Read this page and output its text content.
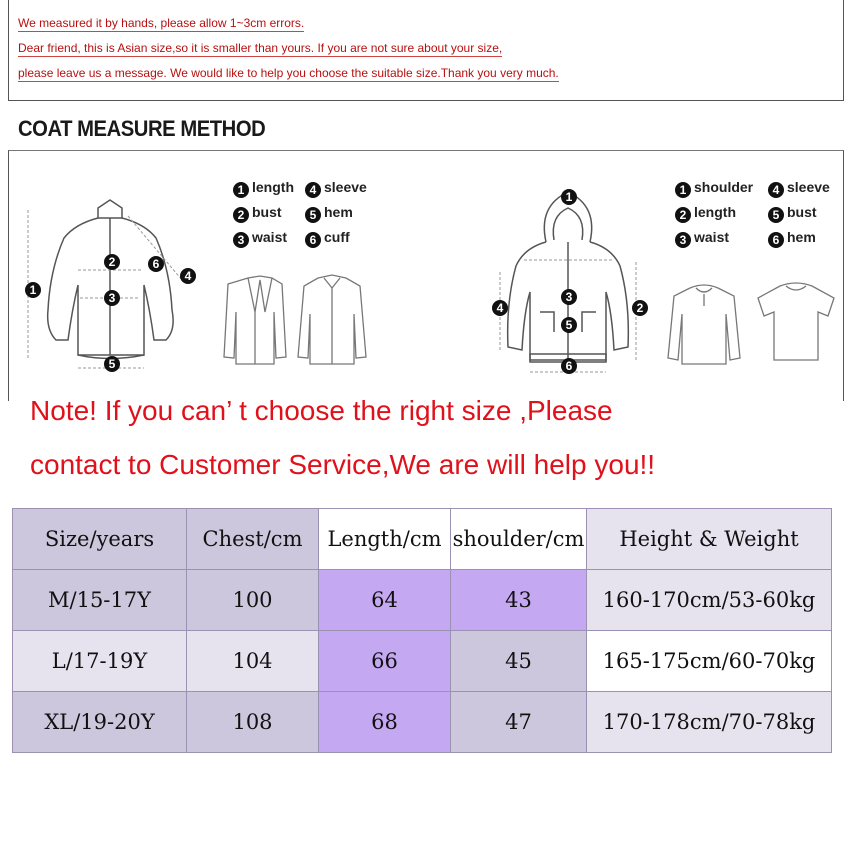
We measured it by hands, please allow 1~3cm errors.
Dear friend, this is Asian size,so it is smaller than yours. If you are not sure about your size,
please leave us a message. We would like to help you choose the suitable size.Thank you very much.
COAT MEASURE METHOD
1
2
3
4
5
6
1 length 4 sleeve
2 bust 5 hem
3 waist 6 cuff
1
2
3
4
5
6
1 shoulder 4 sleeve
2 length	5 bust
3 waist	6 hem
Note! If you can’ t choose the right size ,Please
contact to Customer Service,We are will help you!!
Size/years	Chest/cm	Length/cm	shoulder/cm	Height & Weight
M/15-17Y	100	64	43	160-170cm/53-60kg
L/17-19Y	104	66	45	165-175cm/60-70kg
XL/19-20Y	108	68	47	170-178cm/70-78kg
